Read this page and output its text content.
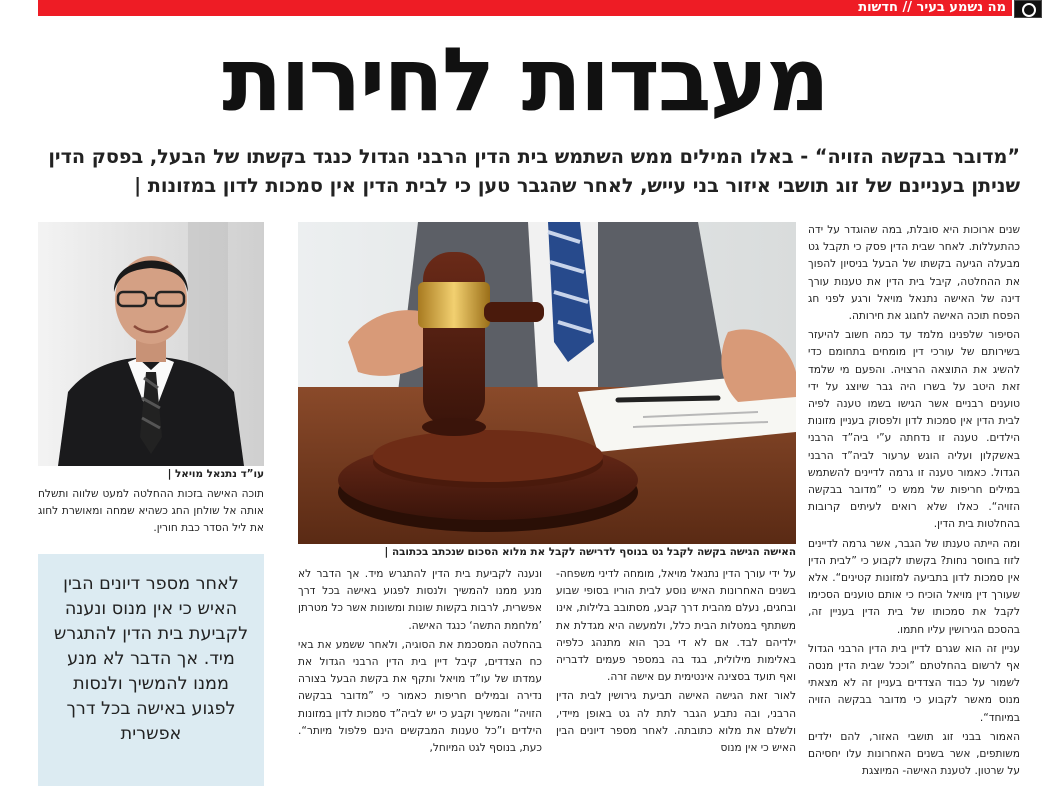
מה נשמע בעיר // חדשות
מעבדות לחירות
”מדובר בבקשה הזויה“ - באלו המילים ממש השתמש בית הדין הרבני הגדול כנגד בקשתו של הבעל, בפסק הדין שניתן בעניינם של זוג תושבי איזור בני עייש, לאחר שהגבר טען כי לבית הדין אין סמכות לדון במזונות |

שנים ארוכות היא סובלת, במה שהוגדר על ידה כהתעללות. לאחר שבית הדין פסק כי תקבל גט מבעלה הגיעה בקשתו של הבעל בניסיון להפוך את ההחלטה, קיבל בית הדין את טענות עורך דינה של האישה נתנאל מויאל ורגע לפני חג הפסח תוכה האישה לחגוג את חירותה.

הסיפור שלפנינו מלמד עד כמה חשוב להיעזר בשירותם של עורכי דין מומחים בתחומם כדי להשיג את התוצאה הרצויה. והפעם מי שלמד זאת היטב על בשרו היה גבר שיוצג על ידי טוענים רבניים אשר הגישו בשמו טענה לפיה לבית הדין אין סמכות לדון ולפסוק בעניין מזונות הילדים. טענה זו נדחתה ע”י ביה”ד הרבני באשקלון ועליה הוגש ערעור לביה”ד הרבני הגדול. כאמור טענה זו גרמה לדיינים להשתמש במילים חריפות של ממש כי ”מדובר בבקשה הזויה“. כאלו שלא רואים לעיתים קרובות בהחלטות בית הדין.

ומה הייתה טענתו של הגבר, אשר גרמה לדיינים לזוז בחוסר נחות? בקשתו לקבוע כי ”לבית הדין אין סמכות לדון בתביעה למזונות קטינים“. אלא שעורך דין מויאל הוכיח כי אותם טוענים הסכימו לקבל את סמכותו של בית הדין בעניין זה, בהסכם הגירושין עליו חתמו.

עניין זה הוא שגרם לדיין בית הדין הרבני הגדול אף לרשום בהחלטתם ”וככל שבית הדין מנסה לשמור על כבוד הצדדים בעניין זה לא מצאתי מנוס מאשר לקבוע כי מדובר בבקשה הזויה במיוחד“.

האמור בבני זוג תושבי האזור, להם ילדים משותפים, אשר בשנים האחרונות עלו יחסיהם על שרטון. לטענת האישה- המיוצגת

האישה הגישה בקשה לקבל גט בנוסף לדרישה לקבל את מלוא הסכום שנכתב בכתובה |

על ידי עורך הדין נתנאל מויאל, מומחה לדיני משפחה- בשנים האחרונות האיש נוסע לבית הוריו בסופי שבוע ובחגים, נעלם מהבית דרך קבע, מסתובב בלילות, אינו משתתף במטלות הבית כלל, ולמעשה היא מגדלת את ילדיהם לבד. אם לא די בכך הוא מתנהג כלפיה באלימות מילולית, בגד בה במספר פעמים לדבריה ואף תועד בסצינה אינטימית עם אישה זרה.

לאור זאת הגישה האישה תביעת גירושין לבית הדין הרבני, ובה נתבע הגבר לתת לה גט באופן מיידי, ולשלם את מלוא כתובתה. לאחר מספר דיונים הבין האיש כי אין מנוס

ונענה לקביעת בית הדין להתגרש מיד. אך הדבר לא מנע ממנו להמשיך ולנסות לפגוע באישה בכל דרך אפשרית, לרבות בקשות שונות ומשונות אשר כל מטרתן ’מלחמת התשה‘ כנגד האישה.

בהחלטה המסכמת את הסוגיה, ולאחר ששמע את באי כח הצדדים, קיבל דיין בית הדין הרבני הגדול את עמדתו של עו”ד מויאל ותקף את בקשת הבעל בצורה נדירה ובמילים חריפות כאמור כי ”מדובר בבקשה הזויה“ והמשיך וקבע כי יש לביה”ד סמכות לדון במזונות הילדים ו”כל טענות המבקשים הינם פלפול מיותר“. כעת, בנוסף לגט המיוחל,

עו”ד נתנאל מויאל |

תוכה האישה בזכות ההחלטה למעט שלווה ותשלח אותה אל שולחן החג כשהיא שמחה ומאושרת לחוג את ליל הסדר כבת חורין.

לאחר מספר דיונים הבין האיש כי אין מנוס ונענה לקביעת בית הדין להתגרש מיד. אך הדבר לא מנע ממנו להמשיך ולנסות לפגוע באישה בכל דרך אפשרית
